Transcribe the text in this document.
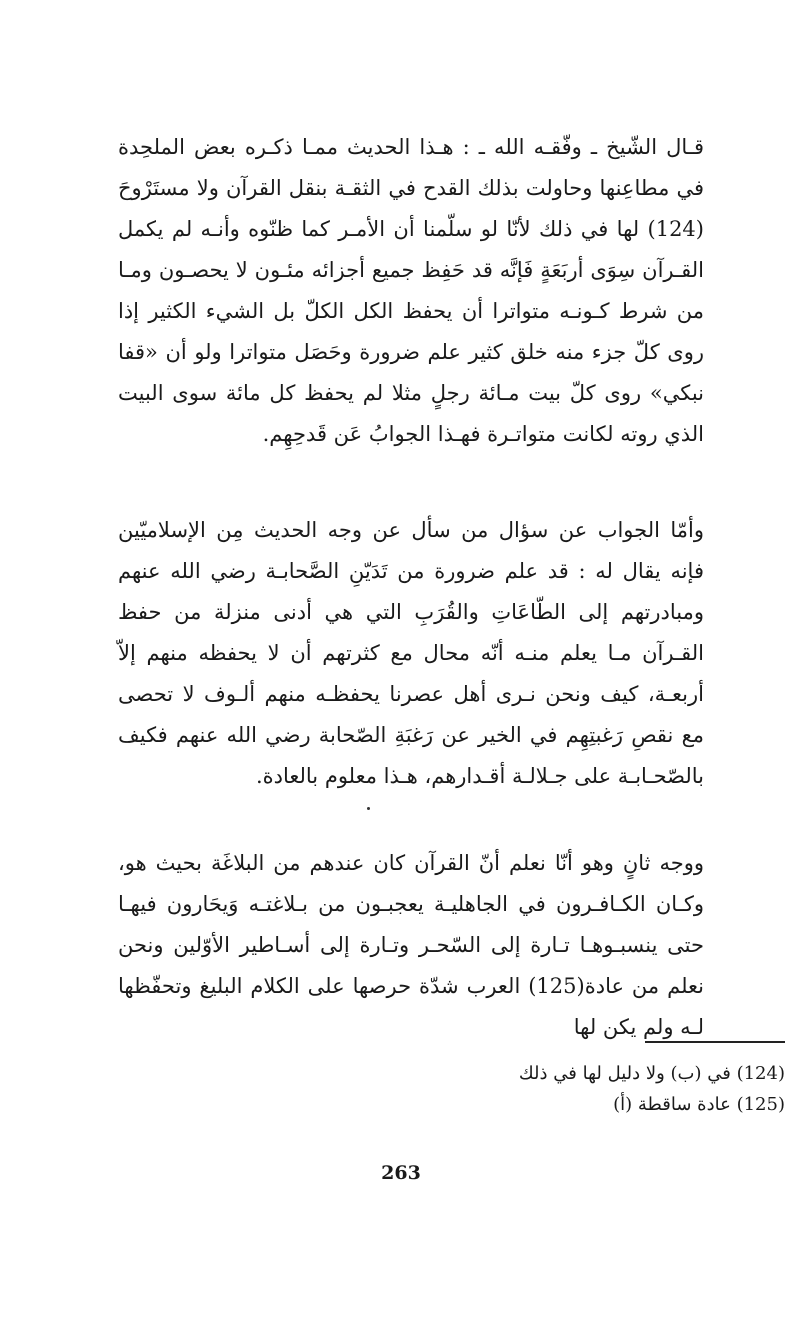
قـال الشّيخ ـ وفّقـه الله ـ : هـذا الحديث ممـا ذكـره بعض الملحِدة في مطاعِنها وحاولت بذلك القدح في الثقـة بنقل القرآن ولا مستَرْوحَ (124) لها في ذلك لأنّا لو سلّمنا أن الأمـر كما ظنّوه وأنـه لم يكمل القـرآن سِوَى أربَعَةٍ فَإنَّه قد حَفِظ جميع أجزائه مئـون لا يحصـون ومـا من شرط كـونـه متواترا أن يحفظ الكل الكلّ بل الشيء الكثير إذا روى كلّ جزء منه خلق كثير علم ضرورة وحَصَل متواترا ولو أن «قفا نبكي» روى كلّ بيت مـائة رجلٍ مثلا لم يحفظ كل مائة سوى البيت الذي روته لكانت متواتـرة فهـذا الجوابُ عَن قَدحِهِم.

وأمّا الجواب عن سؤال من سأل عن وجه الحديث مِن الإسلاميّين فإنه يقال له : قد علم ضرورة من تَدَيّنِ الصَّحابـة رضي الله عنهم ومبادرتهم إلى الطّاعَاتِ والقُرَبِ التي هي أدنى منزلة من حفظ القـرآن مـا يعلم منـه أنّه محال مع كثرتهم أن لا يحفظه منهم إلاّ أربعـة، كيف ونحن نـرى أهل عصرنا يحفظـه منهم ألـوف لا تحصى مع نقصِ رَغبتِهِم في الخير عن رَغبَةِ الصّحابة رضي الله عنهم فكيف بالصّحـابـة على جـلالـة أقـدارهم، هـذا معلوم بالعادة.

ووجه ثانٍ وهو أنّا نعلم أنّ القرآن كان عندهم من البلاغَة بحيث هو، وكـان الكـافـرون في الجاهليـة يعجبـون من بـلاغتـه وَيحَارون فيهـا حتى ينسبـوهـا تـارة إلى السّحـر وتـارة إلى أسـاطير الأوّلين ونحن نعلم من عادة(125) العرب شدّة حرصها على الكلام البليغ وتحفّظها لـه ولم يكن لها

(124) في (ب) ولا دليل لها في ذلك
(125) عادة ساقطة (أ)
263
